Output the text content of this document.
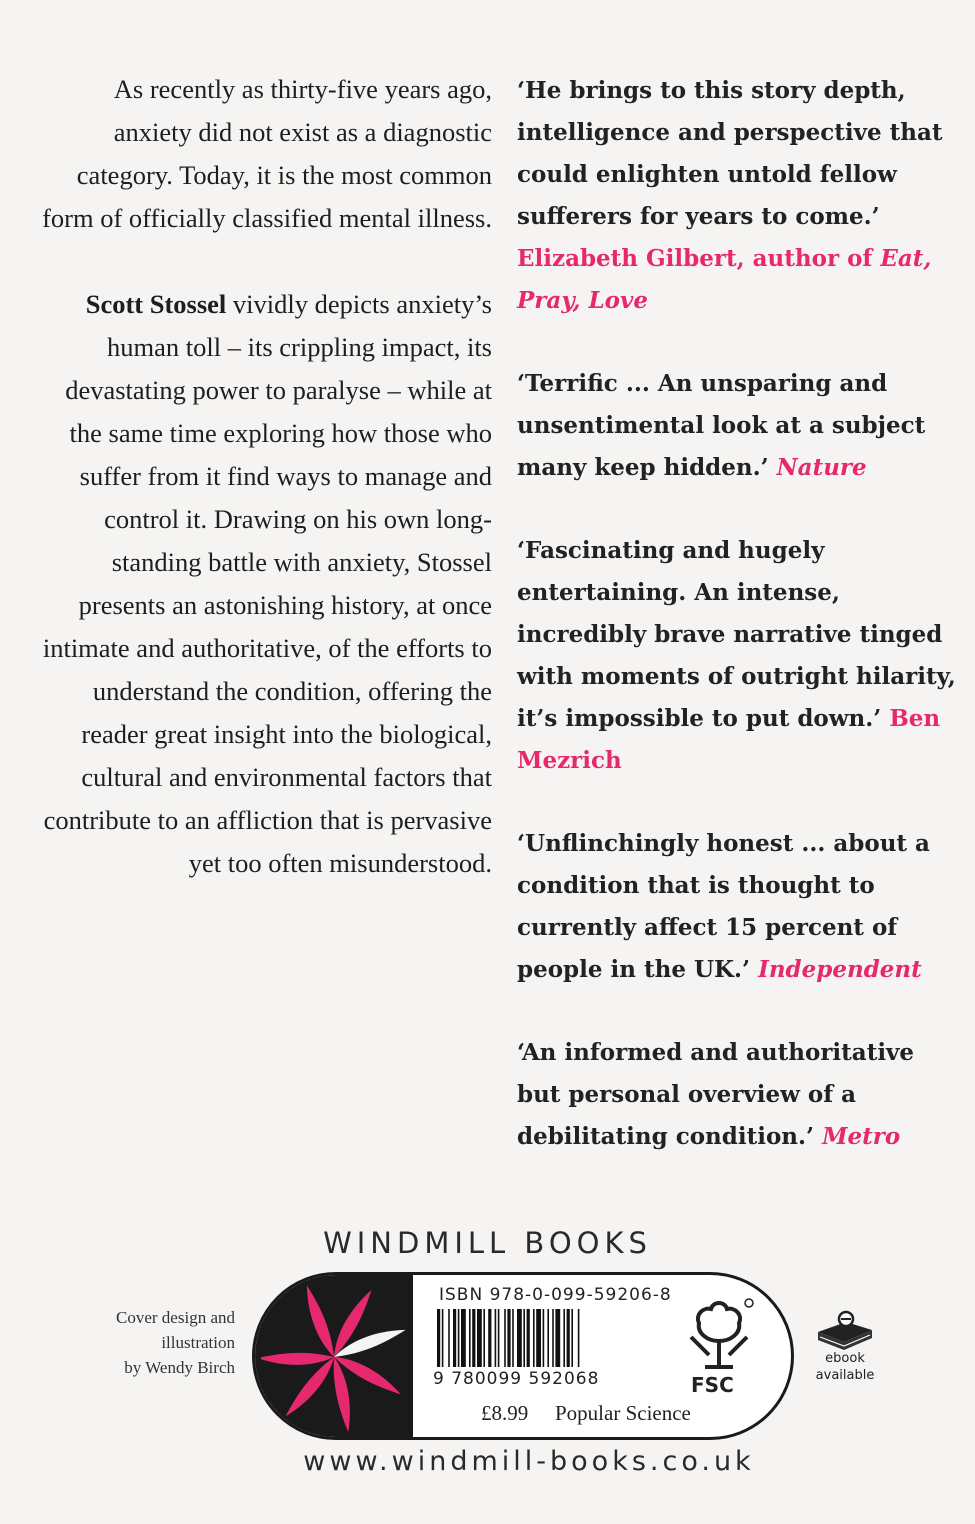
As recently as thirty-five years ago, anxiety did not exist as a diagnostic category. Today, it is the most common form of officially classified mental illness.

Scott Stossel vividly depicts anxiety’s human toll – its crippling impact, its devastating power to paralyse – while at the same time exploring how those who suffer from it find ways to manage and control it. Drawing on his own long-standing battle with anxiety, Stossel presents an astonishing history, at once intimate and authoritative, of the efforts to understand the condition, offering the reader great insight into the biological, cultural and environmental factors that contribute to an affliction that is pervasive yet too often misunderstood.

‘He brings to this story depth, intelligence and perspective that could enlighten untold fellow sufferers for years to come.’ Elizabeth Gilbert, author of Eat, Pray, Love
‘Terrific ... An unsparing and unsentimental look at a subject many keep hidden.’ Nature
‘Fascinating and hugely entertaining. An intense, incredibly brave narrative tinged with moments of outright hilarity, it’s impossible to put down.’ Ben Mezrich
‘Unflinchingly honest ... about a condition that is thought to currently affect 15 percent of people in the UK.’ Independent
‘An informed and authoritative but personal overview of a debilitating condition.’ Metro
WINDMILL BOOKS
Cover design and
illustration
by Wendy Birch
ISBN 978-0-099-59206-8
9 780099 592068
£8.99 Popular Science
FSC
ebook
available
www.windmill-books.co.uk
